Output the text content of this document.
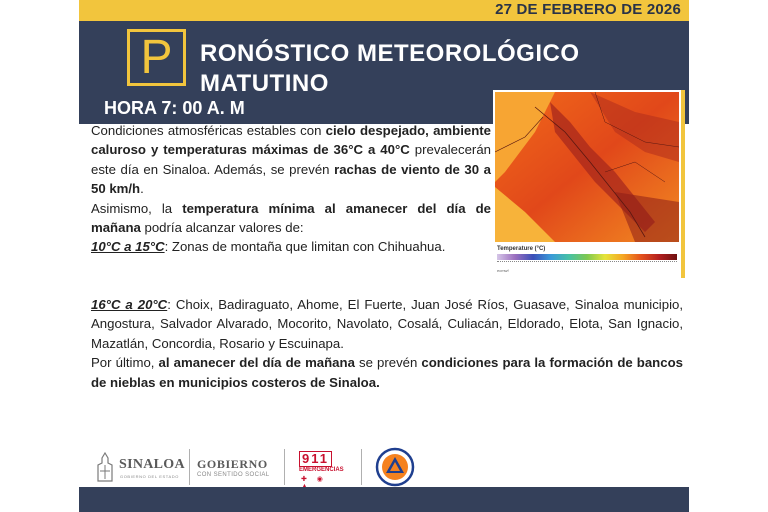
27 DE FEBRERO DE 2026
P	RONÓSTICO METEOROLÓGICO
MATUTINO
HORA 7: 00 A. M
Temperature (°C)
ecmwf

Condiciones atmosféricas estables con cielo despejado, ambiente caluroso y temperaturas máximas de 36°C a 40°C prevalecerán este día en Sinaloa. Además, se prevén rachas de viento de 30 a 50 km/h.

Asimismo, la temperatura mínima al amanecer del día de mañana podría alcanzar valores de:

10°C a 15°C: Zonas de montaña que limitan con Chihuahua.

16°C a 20°C: Choix, Badiraguato, Ahome, El Fuerte, Juan José Ríos, Guasave, Sinaloa municipio, Angostura, Salvador Alvarado, Mocorito, Navolato, Cosalá, Culiacán, Eldorado, Elota, San Ignacio, Mazatlán, Concordia, Rosario y Escuinapa.

Por último, al amanecer del día de mañana se prevén condiciones para la formación de bancos de nieblas en municipios costeros de Sinaloa.

SINALOA
GOBIERNO DEL ESTADO
GOBIERNO
CON SENTIDO SOCIAL
911
EMERGENCIAS
✚ ◉
